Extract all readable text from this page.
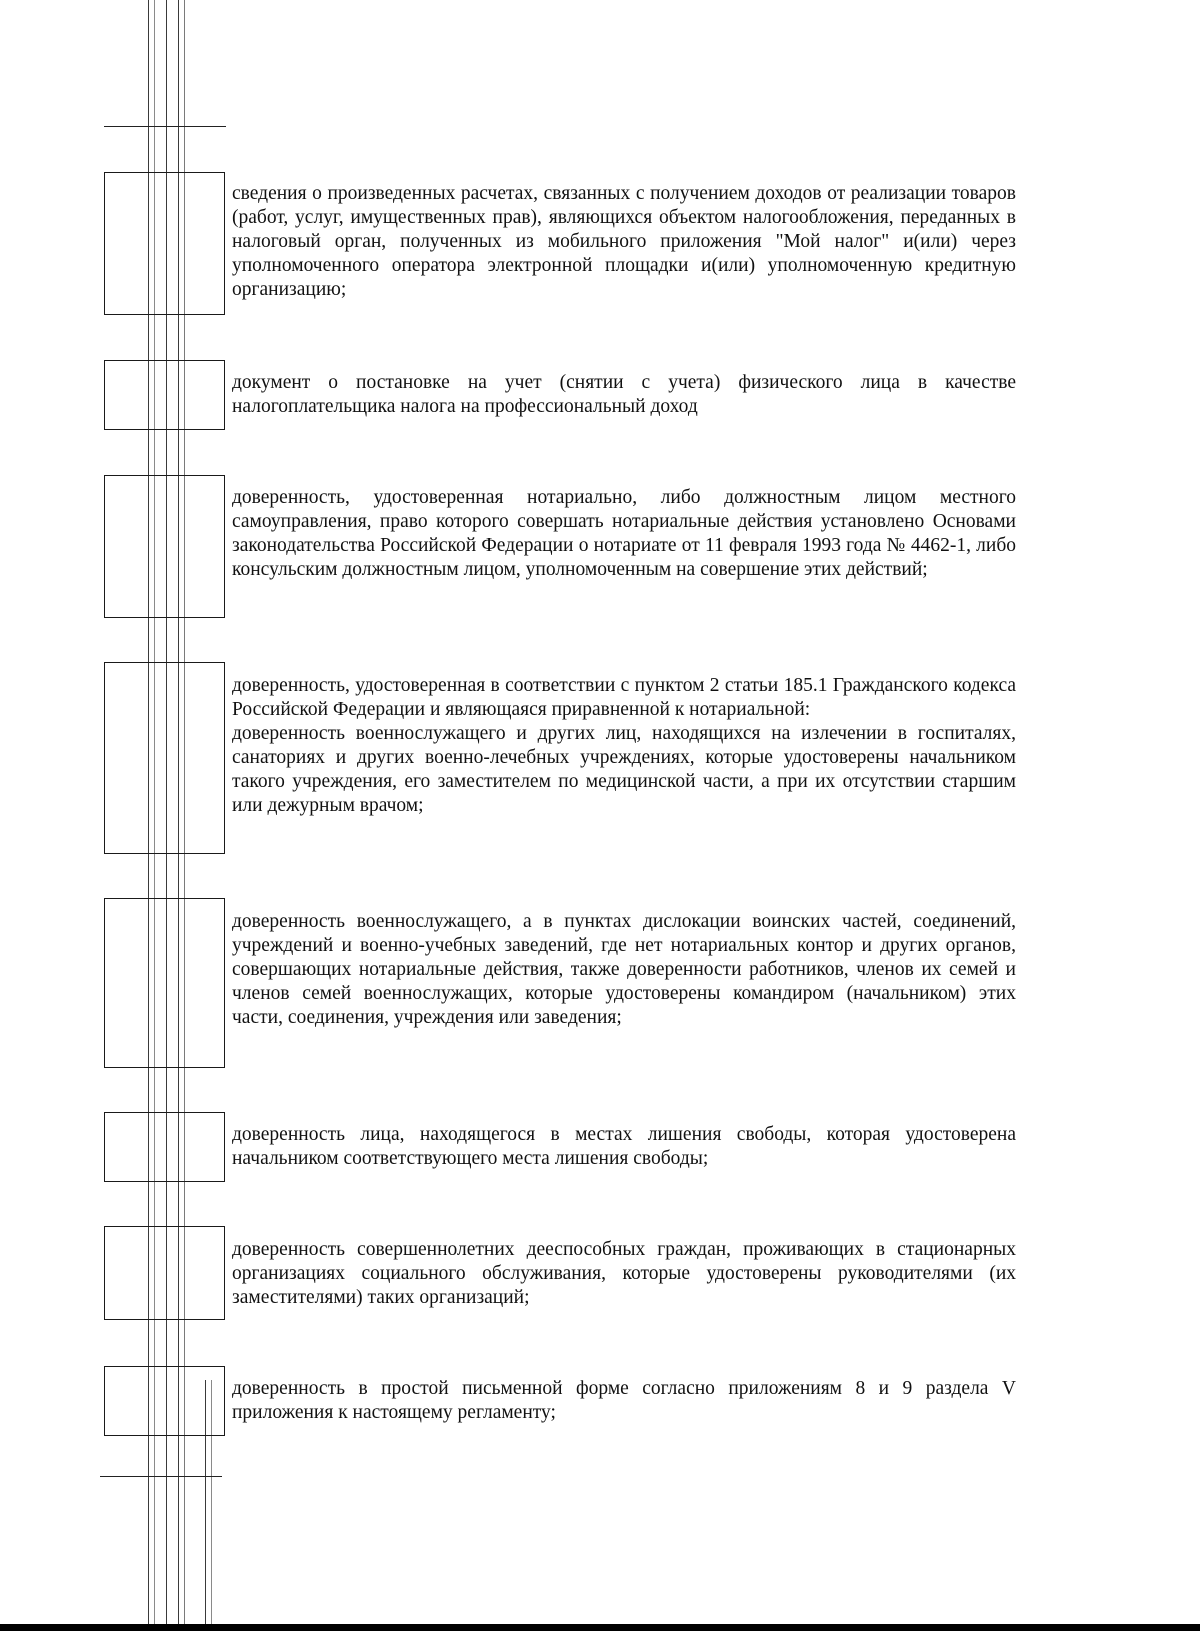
сведения о произведенных расчетах, связанных с получением доходов от реализации товаров (работ, услуг, имущественных прав), являющихся объектом налогообложения, переданных в налоговый орган, полученных из мобильного приложения "Мой налог" и(или) через уполномоченного оператора электронной площадки и(или) уполномоченную кредитную организацию;

документ о постановке на учет (снятии с учета) физического лица в качестве налогоплательщика налога на профессиональный доход

доверенность, удостоверенная нотариально, либо должностным лицом местного самоуправления, право которого совершать нотариальные действия установлено Основами законодательства Российской Федерации о нотариате от 11 февраля 1993 года № 4462-1, либо консульским должностным лицом, уполномоченным на совершение этих действий;

доверенность, удостоверенная в соответствии с пунктом 2 статьи 185.1 Гражданского кодекса Российской Федерации и являющаяся приравненной к нотариальной:
доверенность военнослужащего и других лиц, находящихся на излечении в госпиталях, санаториях и других военно-лечебных учреждениях, которые удостоверены начальником такого учреждения, его заместителем по медицинской части, а при их отсутствии старшим или дежурным врачом;

доверенность военнослужащего, а в пунктах дислокации воинских частей, соединений, учреждений и военно-учебных заведений, где нет нотариальных контор и других органов, совершающих нотариальные действия, также доверенности работников, членов их семей и членов семей военнослужащих, которые удостоверены командиром (начальником) этих части, соединения, учреждения или заведения;

доверенность лица, находящегося в местах лишения свободы, которая удостоверена начальником соответствующего места лишения свободы;

доверенность совершеннолетних дееспособных граждан, проживающих в стационарных организациях социального обслуживания, которые удостоверены руководителями (их заместителями) таких организаций;

доверенность в простой письменной форме согласно приложениям 8 и 9 раздела V приложения к настоящему регламенту;
